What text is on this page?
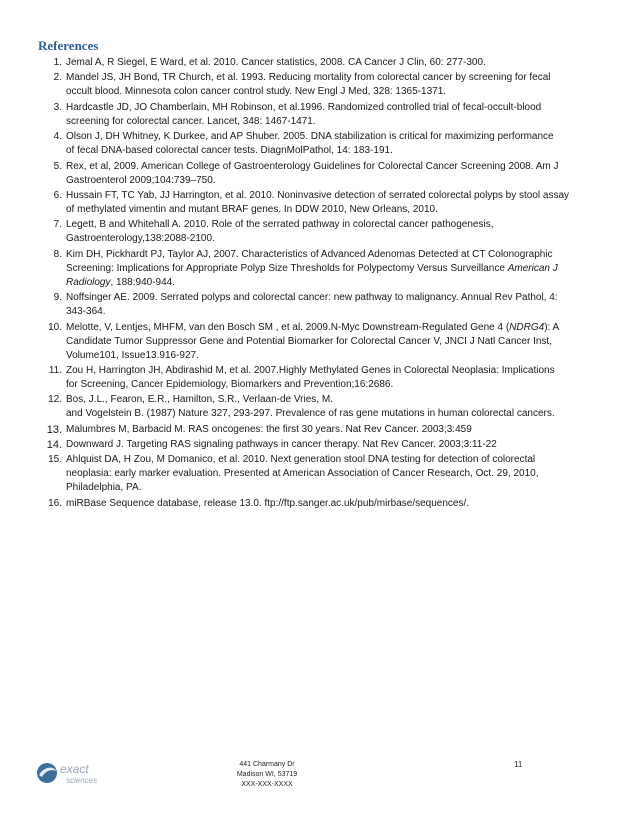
References
1. Jemal A, R Siegel, E Ward, et al. 2010. Cancer statistics, 2008. CA Cancer J Clin, 60: 277-300.
2. Mandel JS, JH Bond, TR Church, et al. 1993. Reducing mortality from colorectal cancer by screening for fecal
occult blood. Minnesota colon cancer control study. New Engl J Med, 328: 1365-1371.
3. Hardcastle JD, JO Chamberlain, MH Robinson, et al.1996. Randomized controlled trial of fecal-occult-blood
screening for colorectal cancer. Lancet, 348: 1467-1471.
4. Olson J, DH Whitney, K Durkee, and AP Shuber. 2005. DNA stabilization is critical for maximizing performance
of fecal DNA-based colorectal cancer tests. DiagnMolPathol, 14: 183-191.
5. Rex, et al, 2009. American College of Gastroenterology Guidelines for Colorectal Cancer Screening 2008. Am J
Gastroenterol 2009;104:739–750.
6. Hussain FT, TC Yab, JJ Harrington, et al. 2010. Noninvasive detection of serrated colorectal polyps by stool assay
of methylated vimentin and mutant BRAF genes. In DDW 2010, New Orleans, 2010.
7. Legett, B and Whitehall A. 2010. Role of the serrated pathway in colorectal cancer pathogenesis,
Gastroenterology,138:2088-2100.
8. Kim DH, Pickhardt PJ, Taylor AJ, 2007. Characteristics of Advanced Adenomas Detected at CT Colonographic
Screening: Implications for Appropriate Polyp Size Thresholds for Polypectomy Versus Surveillance American J Radiology, 188:940-944.
9. Noffsinger AE. 2009. Serrated polyps and colorectal cancer: new pathway to malignancy. Annual Rev Pathol, 4:
343-364.
10. Melotte, V, Lentjes, MHFM, van den Bosch SM , et al. 2009.N-Myc Downstream-Regulated Gene 4 (NDRG4): A
Candidate Tumor Suppressor Gene and Potential Biomarker for Colorectal Cancer V, JNCI J Natl Cancer Inst,
Volume101, Issue13.916-927.
11. Zou H, Harrington JH, Abdirashid M, et al. 2007.Highly Methylated Genes in Colorectal Neoplasia: Implications
for Screening, Cancer Epidemiology, Biomarkers and Prevention;16:2686.
12. Bos, J.L., Fearon, E.R., Hamilton, S.R., Verlaan-de Vries, M.
and Vogelstein B. (1987) Nature 327, 293-297. Prevalence of ras gene mutations in human colorectal cancers.
13. Malumbres M, Barbacid M. RAS oncogenes: the first 30 years. Nat Rev Cancer. 2003;3:459
14. Downward J. Targeting RAS signaling pathways in cancer therapy. Nat Rev Cancer. 2003;3:11-22
15. Ahlquist DA, H Zou, M Domanico, et al. 2010. Next generation stool DNA testing for detection of colorectal
neoplasia: early marker evaluation. Presented at American Association of Cancer Research, Oct. 29, 2010,
Philadelphia, PA.
16. miRBase Sequence database, release 13.0. ftp://ftp.sanger.ac.uk/pub/mirbase/sequences/.
exact
sciences
441 Charmany Dr
Madison WI, 53719
XXX-XXX-XXXX
11
